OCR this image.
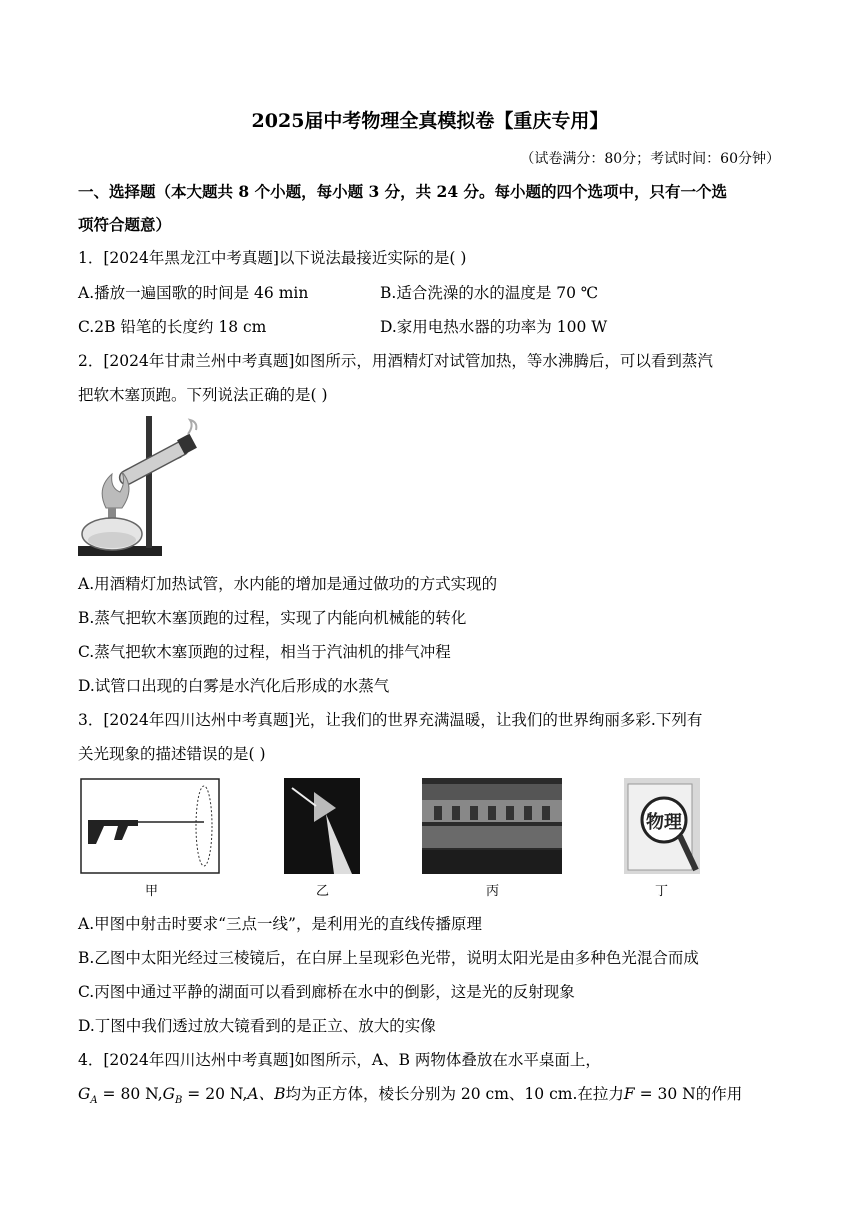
2025届中考物理全真模拟卷【重庆专用】
（试卷满分：80分；考试时间：60分钟）
一、选择题（本大题共 8 个小题，每小题 3 分，共 24 分。每小题的四个选项中，只有一个选
项符合题意）
1．[2024年黑龙江中考真题]以下说法最接近实际的是( )
A.播放一遍国歌的时间是 46 min	B.适合洗澡的水的温度是 70 ℃
C.2B 铅笔的长度约 18 cm	D.家用电热水器的功率为 100 W
2．[2024年甘肃兰州中考真题]如图所示，用酒精灯对试管加热，等水沸腾后，可以看到蒸汽
把软木塞顶跑。下列说法正确的是( )
A.用酒精灯加热试管，水内能的增加是通过做功的方式实现的
B.蒸气把软木塞顶跑的过程，实现了内能向机械能的转化
C.蒸气把软木塞顶跑的过程，相当于汽油机的排气冲程
D.试管口出现的白雾是水汽化后形成的水蒸气
3．[2024年四川达州中考真题]光，让我们的世界充满温暖，让我们的世界绚丽多彩.下列有
关光现象的描述错误的是( )
甲	乙	丙
物理
丁
A.甲图中射击时要求“三点一线”，是利用光的直线传播原理
B.乙图中太阳光经过三棱镜后，在白屏上呈现彩色光带，说明太阳光是由多种色光混合而成
C.丙图中通过平静的湖面可以看到廊桥在水中的倒影，这是光的反射现象
D.丁图中我们透过放大镜看到的是正立、放大的实像
4．[2024年四川达州中考真题]如图所示，A、B 两物体叠放在水平桌面上，
$G_A = 80$ $N,G_B = 20$ N,A、B均为正方体，棱长分别为 20 cm、10 cm.在拉力F = 30 N的作用
